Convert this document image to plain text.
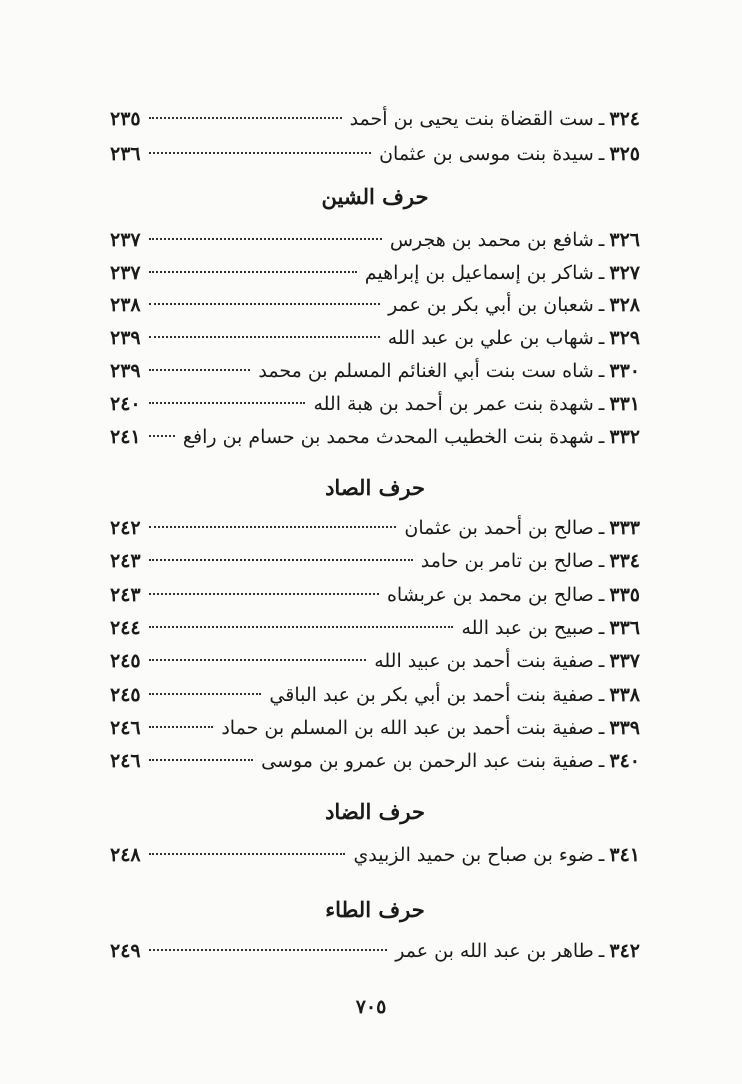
٣٢٤
ـ
ست القضاة بنت يحيى بن أحمد
٢٣٥
٣٢٥
ـ
سيدة بنت موسى بن عثمان
٢٣٦
حرف الشين
٣٢٦
ـ
شافع بن محمد بن هجرس
٢٣٧
٣٢٧
ـ
شاكر بن إسماعيل بن إبراهيم
٢٣٧
٣٢٨
ـ
شعبان بن أبي بكر بن عمر
٢٣٨
٣٢٩
ـ
شهاب بن علي بن عبد الله
٢٣٩
٣٣٠
ـ
شاه ست بنت أبي الغنائم المسلم بن محمد
٢٣٩
٣٣١
ـ
شهدة بنت عمر بن أحمد بن هبة الله
٢٤٠
٣٣٢
ـ
شهدة بنت الخطيب المحدث محمد بن حسام بن رافع
٢٤١
حرف الصاد
٣٣٣
ـ
صالح بن أحمد بن عثمان
٢٤٢
٣٣٤
ـ
صالح بن تامر بن حامد
٢٤٣
٣٣٥
ـ
صالح بن محمد بن عربشاه
٢٤٣
٣٣٦
ـ
صبيح بن عبد الله
٢٤٤
٣٣٧
ـ
صفية بنت أحمد بن عبيد الله
٢٤٥
٣٣٨
ـ
صفية بنت أحمد بن أبي بكر بن عبد الباقي
٢٤٥
٣٣٩
ـ
صفية بنت أحمد بن عبد الله بن المسلم بن حماد
٢٤٦
٣٤٠
ـ
صفية بنت عبد الرحمن بن عمرو بن موسى
٢٤٦
حرف الضاد
٣٤١
ـ
ضوء بن صباح بن حميد الزبيدي
٢٤٨
حرف الطاء
٣٤٢
ـ
طاهر بن عبد الله بن عمر
٢٤٩
٧٠٥
